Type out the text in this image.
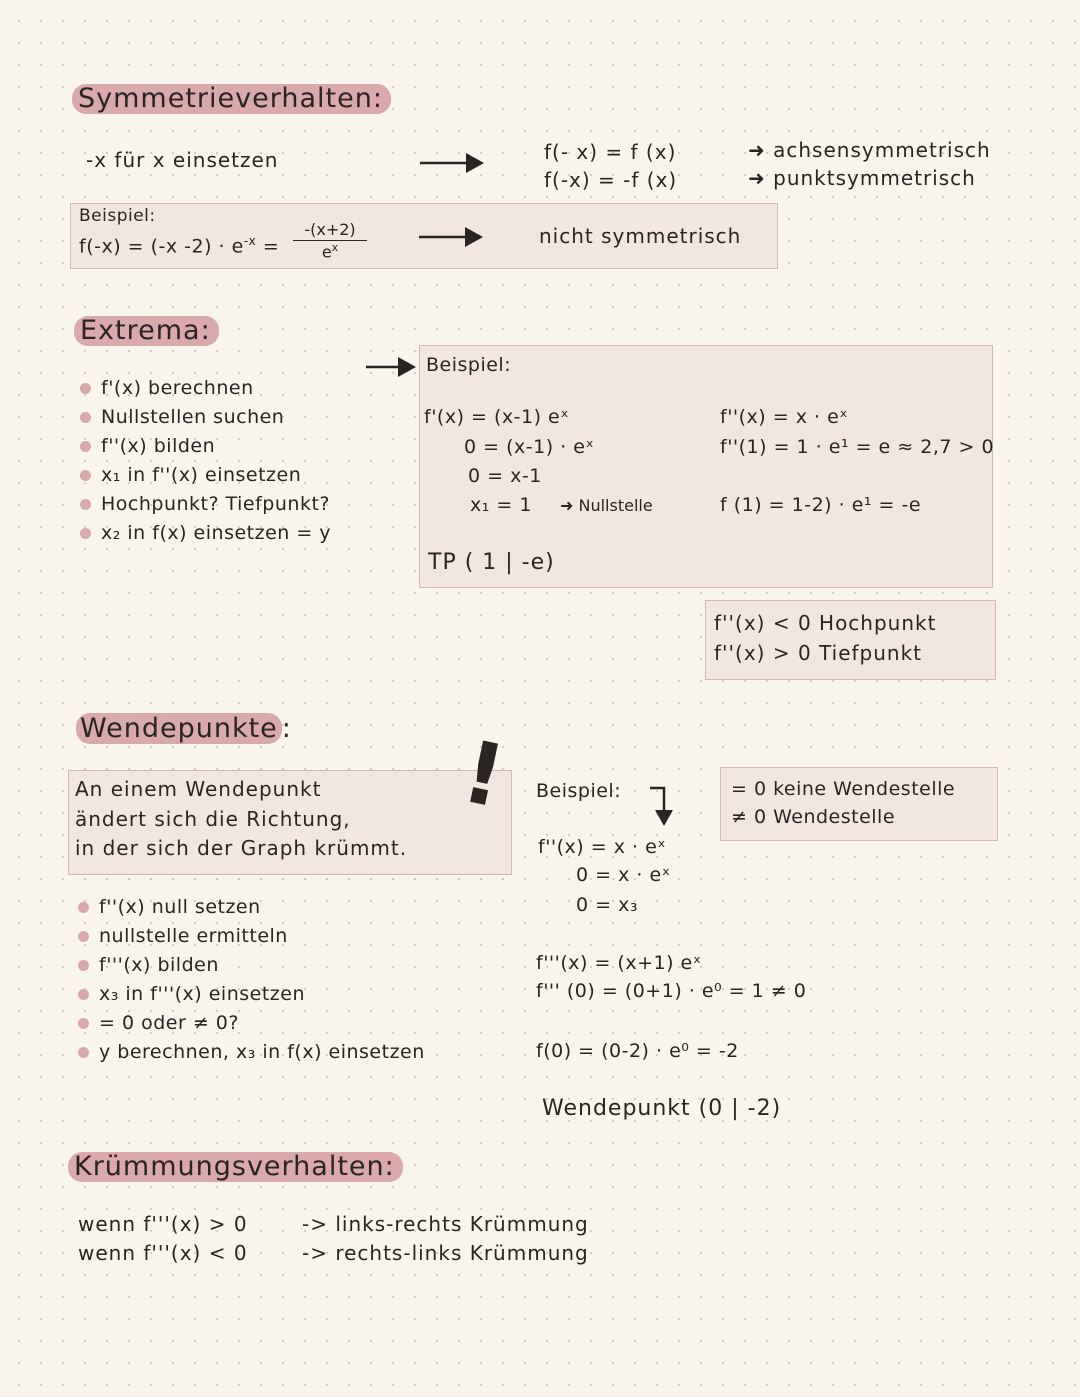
Symmetrieverhalten:
-x für x einsetzen	f(- x) = f (x)
f(-x) = -f (x)
➜ achsensymmetrisch
➜ punktsymmetrisch
Beispiel:
f(-x) = (-x $-2) \cdot e^{-x} = \frac{-(x+2)}{e^x}$	nicht symmetrisch
Extrema:
f'(x) berechnen
Nullstellen suchen
f''(x) bilden
x₁ in f''(x) einsetzen
Hochpunkt? Tiefpunkt?
x₂ in f(x) einsetzen = y
Beispiel:
f'(x) = (x-1) eˣ
0 = (x-1) · eˣ
0 = x-1
x₁ = 1 ➜ Nullstelle
f''(x) = x · eˣ
f''(1) = 1 · e¹ = e ≈ 2,7 > 0
f (1) = 1-2) · e¹ = -e
TP ( 1 | -e)
f''(x) < 0 Hochpunkt
f''(x) > 0 Tiefpunkt
Wendepunkte :
An einem Wendepunkt
ändert sich die Richtung,
in der sich der Graph krümmt.
!
f''(x) null setzen
nullstelle ermitteln
f'''(x) bilden
x₃ in f'''(x) einsetzen
= 0 oder ≠ 0?
y berechnen, x₃ in f(x) einsetzen
Beispiel:
f''(x) = x · eˣ
0 = x · eˣ
0 = x₃
f'''(x) = (x+1) eˣ
f''' (0) = (0+1) · e⁰ = 1 ≠ 0
f(0) = (0-2) · e⁰ = -2
Wendepunkt (0 | -2)
= 0 keine Wendestelle
≠ 0 Wendestelle
Krümmungsverhalten:
wenn f'''(x) > 0	-> links-rechts Krümmung
wenn f'''(x) < 0	-> rechts-links Krümmung
